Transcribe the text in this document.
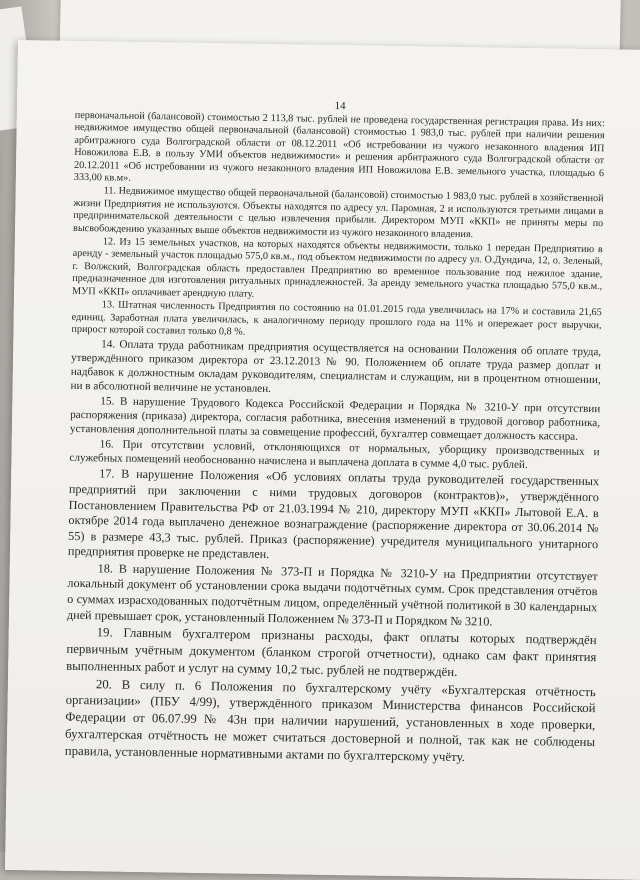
14

первоначальной (балансовой) стоимостью 2 113,8 тыс. рублей не проведена государственная регистрация права. Из них: недвижимое имущество общей первоначальной (балансовой) стоимостью 1 983,0 тыс. рублей при наличии решения арбитражного суда Волгоградской области от 08.12.2011 «Об истребовании из чужого незаконного владения ИП Новожилова Е.В. в пользу УМИ объектов недвижимости» и решения арбитражного суда Волгоградской области от 20.12.2011 «Об истребовании из чужого незаконного владения ИП Новожилова Е.В. земельного участка, площадью 6 333,00 кв.м».

11. Недвижимое имущество общей первоначальной (балансовой) стоимостью 1 983,0 тыс. рублей в хозяйственной жизни Предприятия не используются. Объекты находятся по адресу ул. Паромная, 2 и используются третьими лицами в предпринимательской деятельности с целью извлечения прибыли. Директором МУП «ККП» не приняты меры по высвобождению указанных выше объектов недвижимости из чужого незаконного владения.

12. Из 15 земельных участков, на которых находятся объекты недвижимости, только 1 передан Предприятию в аренду - земельный участок площадью 575,0 кв.м., под объектом недвижимости по адресу ул. О.Дундича, 12, о. Зеленый, г. Волжский, Волгоградская область предоставлен Предприятию во временное пользование под нежилое здание, предназначенное для изготовления ритуальных принадлежностей. За аренду земельного участка площадью 575,0 кв.м., МУП «ККП» оплачивает арендную плату.

13. Штатная численность Предприятия по состоянию на 01.01.2015 года увеличилась на 17% и составила 21,65 единиц. Заработная плата увеличилась, к аналогичному периоду прошлого года на 11% и опережает рост выручки, прирост которой составил только 0,8 %.

14. Оплата труда работникам предприятия осуществляется на основании Положения об оплате труда, утверждённого приказом директора от 23.12.2013 № 90. Положением об оплате труда размер доплат и надбавок к должностным окладам руководителям, специалистам и служащим, ни в процентном отношении, ни в абсолютной величине не установлен.

15. В нарушение Трудового Кодекса Российской Федерации и Порядка № 3210-У при отсутствии распоряжения (приказа) директора, согласия работника, внесения изменений в трудовой договор работника, установления дополнительной платы за совмещение профессий, бухгалтер совмещает должность кассира.

16. При отсутствии условий, отклоняющихся от нормальных, уборщику производственных и служебных помещений необоснованно начислена и выплачена доплата в сумме 4,0 тыс. рублей.

17. В нарушение Положения «Об условиях оплаты труда руководителей государственных предприятий при заключении с ними трудовых договоров (контрактов)», утверждённого Постановлением Правительства РФ от 21.03.1994 № 210, директору МУП «ККП» Лытовой Е.А. в октябре 2014 года выплачено денежное вознаграждение (распоряжение директора от 30.06.2014 № 55) в размере 43,3 тыс. рублей. Приказ (распоряжение) учредителя муниципального унитарного предприятия проверке не представлен.

18. В нарушение Положения № 373-П и Порядка № 3210-У на Предприятии отсутствует локальный документ об установлении срока выдачи подотчётных сумм. Срок представления отчётов о суммах израсходованных подотчётным лицом, определённый учётной политикой в 30 календарных дней превышает срок, установленный Положением № 373-П и Порядком № 3210.

19. Главным бухгалтером признаны расходы, факт оплаты которых подтверждён первичным учётным документом (бланком строгой отчетности), однако сам факт принятия выполненных работ и услуг на сумму 10,2 тыс. рублей не подтверждён.

20. В силу п. 6 Положения по бухгалтерскому учёту «Бухгалтерская отчётность организации» (ПБУ 4/99), утверждённого приказом Министерства финансов Российской Федерации от 06.07.99 № 43н при наличии нарушений, установленных в ходе проверки, бухгалтерская отчётность не может считаться достоверной и полной, так как не соблюдены правила, установленные нормативными актами по бухгалтерскому учёту.
